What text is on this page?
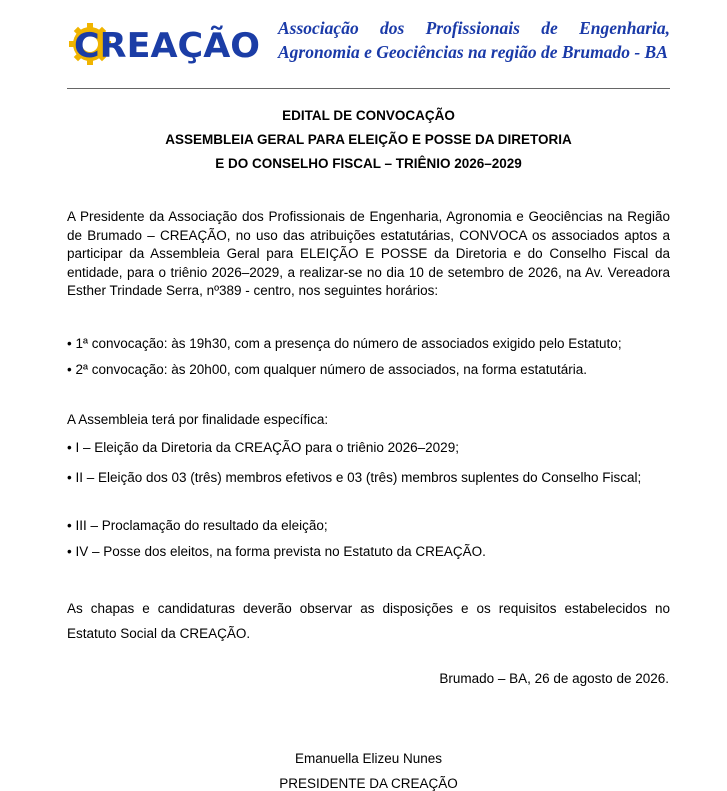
CREAÇÃO Associação dos Profissionais de Engenharia, Agronomia e Geociências na região de Brumado - BA
EDITAL DE CONVOCAÇÃO
ASSEMBLEIA GERAL PARA ELEIÇÃO E POSSE DA DIRETORIA
E DO CONSELHO FISCAL – TRIÊNIO 2026–2029
A Presidente da Associação dos Profissionais de Engenharia, Agronomia e Geociências na Região de Brumado – CREAÇÃO, no uso das atribuições estatutárias, CONVOCA os associados aptos a participar da Assembleia Geral para ELEIÇÃO E POSSE da Diretoria e do Conselho Fiscal da entidade, para o triênio 2026–2029, a realizar-se no dia 10 de setembro de 2026, na Av. Vereadora Esther Trindade Serra, nº389 - centro, nos seguintes horários:
• 1ª convocação: às 19h30, com a presença do número de associados exigido pelo Estatuto;
• 2ª convocação: às 20h00, com qualquer número de associados, na forma estatutária.
A Assembleia terá por finalidade específica:
• I – Eleição da Diretoria da CREAÇÃO para o triênio 2026–2029;
• II – Eleição dos 03 (três) membros efetivos e 03 (três) membros suplentes do Conselho Fiscal;
• III – Proclamação do resultado da eleição;
• IV – Posse dos eleitos, na forma prevista no Estatuto da CREAÇÃO.
As chapas e candidaturas deverão observar as disposições e os requisitos estabelecidos no Estatuto Social da CREAÇÃO.
Brumado – BA, 26 de agosto de 2026.
Emanuella Elizeu Nunes
PRESIDENTE DA CREAÇÃO
